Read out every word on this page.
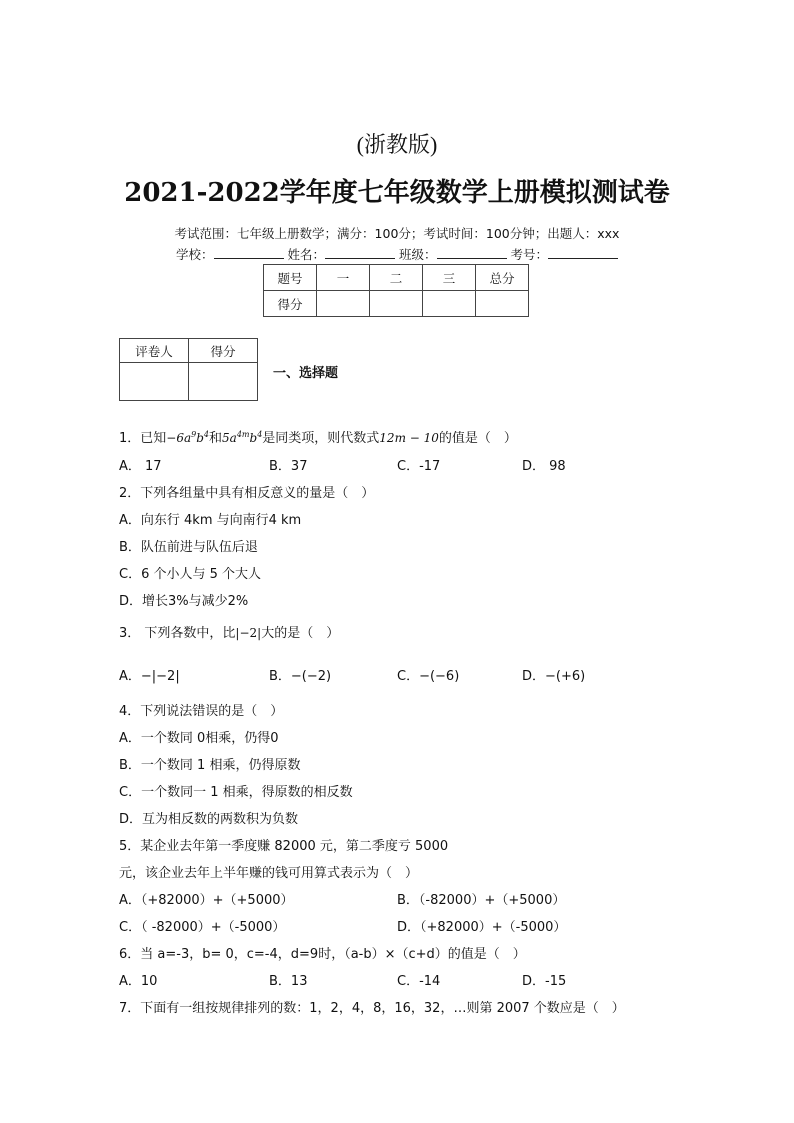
(浙教版)
2021-2022学年度七年级数学上册模拟测试卷
考试范围：七年级上册数学；满分：100分；考试时间：100分钟；出题人：xxx
学校：	姓名：	班级：	考号：
题号	一	二	三	总分
得分				
评卷人	得分

一、选择题
1．已知$-6a^9b^4$和$5a^{4m}b^4$是同类项，则代数式12m − 10的值是（　）
A． 17	B．37	C．-17	D． 98
2．下列各组量中具有相反意义的量是（　）
A．向东行 4km 与向南行4 km
B．队伍前进与队伍后退
C．6 个小人与 5 个大人
D．增长3%与减少2%
3． 下列各数中，比|−2|大的是（　）
A．−|−2|	B．−(−2)	C．−(−6)	D．−(+6)
4．下列说法错误的是（　）
A．一个数同 0相乘，仍得0
B．一个数同 1 相乘，仍得原数
C．一个数同一 1 相乘，得原数的相反数
D．互为相反数的两数积为负数
5．某企业去年第一季度赚 82000 元，第二季度亏 5000
元，该企业去年上半年赚的钱可用算式表示为（　）
A．（+82000）+（+5000）	B．（-82000）+（+5000）
C．（ -82000）+（-5000）	D．（+82000）+（-5000）
6．当 a=-3，b= 0，c=-4，d=9时，（a-b）×（c+d）的值是（　）
A．10	B．13	C．-14	D．-15
7．下面有一组按规律排列的数：1，2，4，8，16，32，…则第 2007 个数应是（　）
